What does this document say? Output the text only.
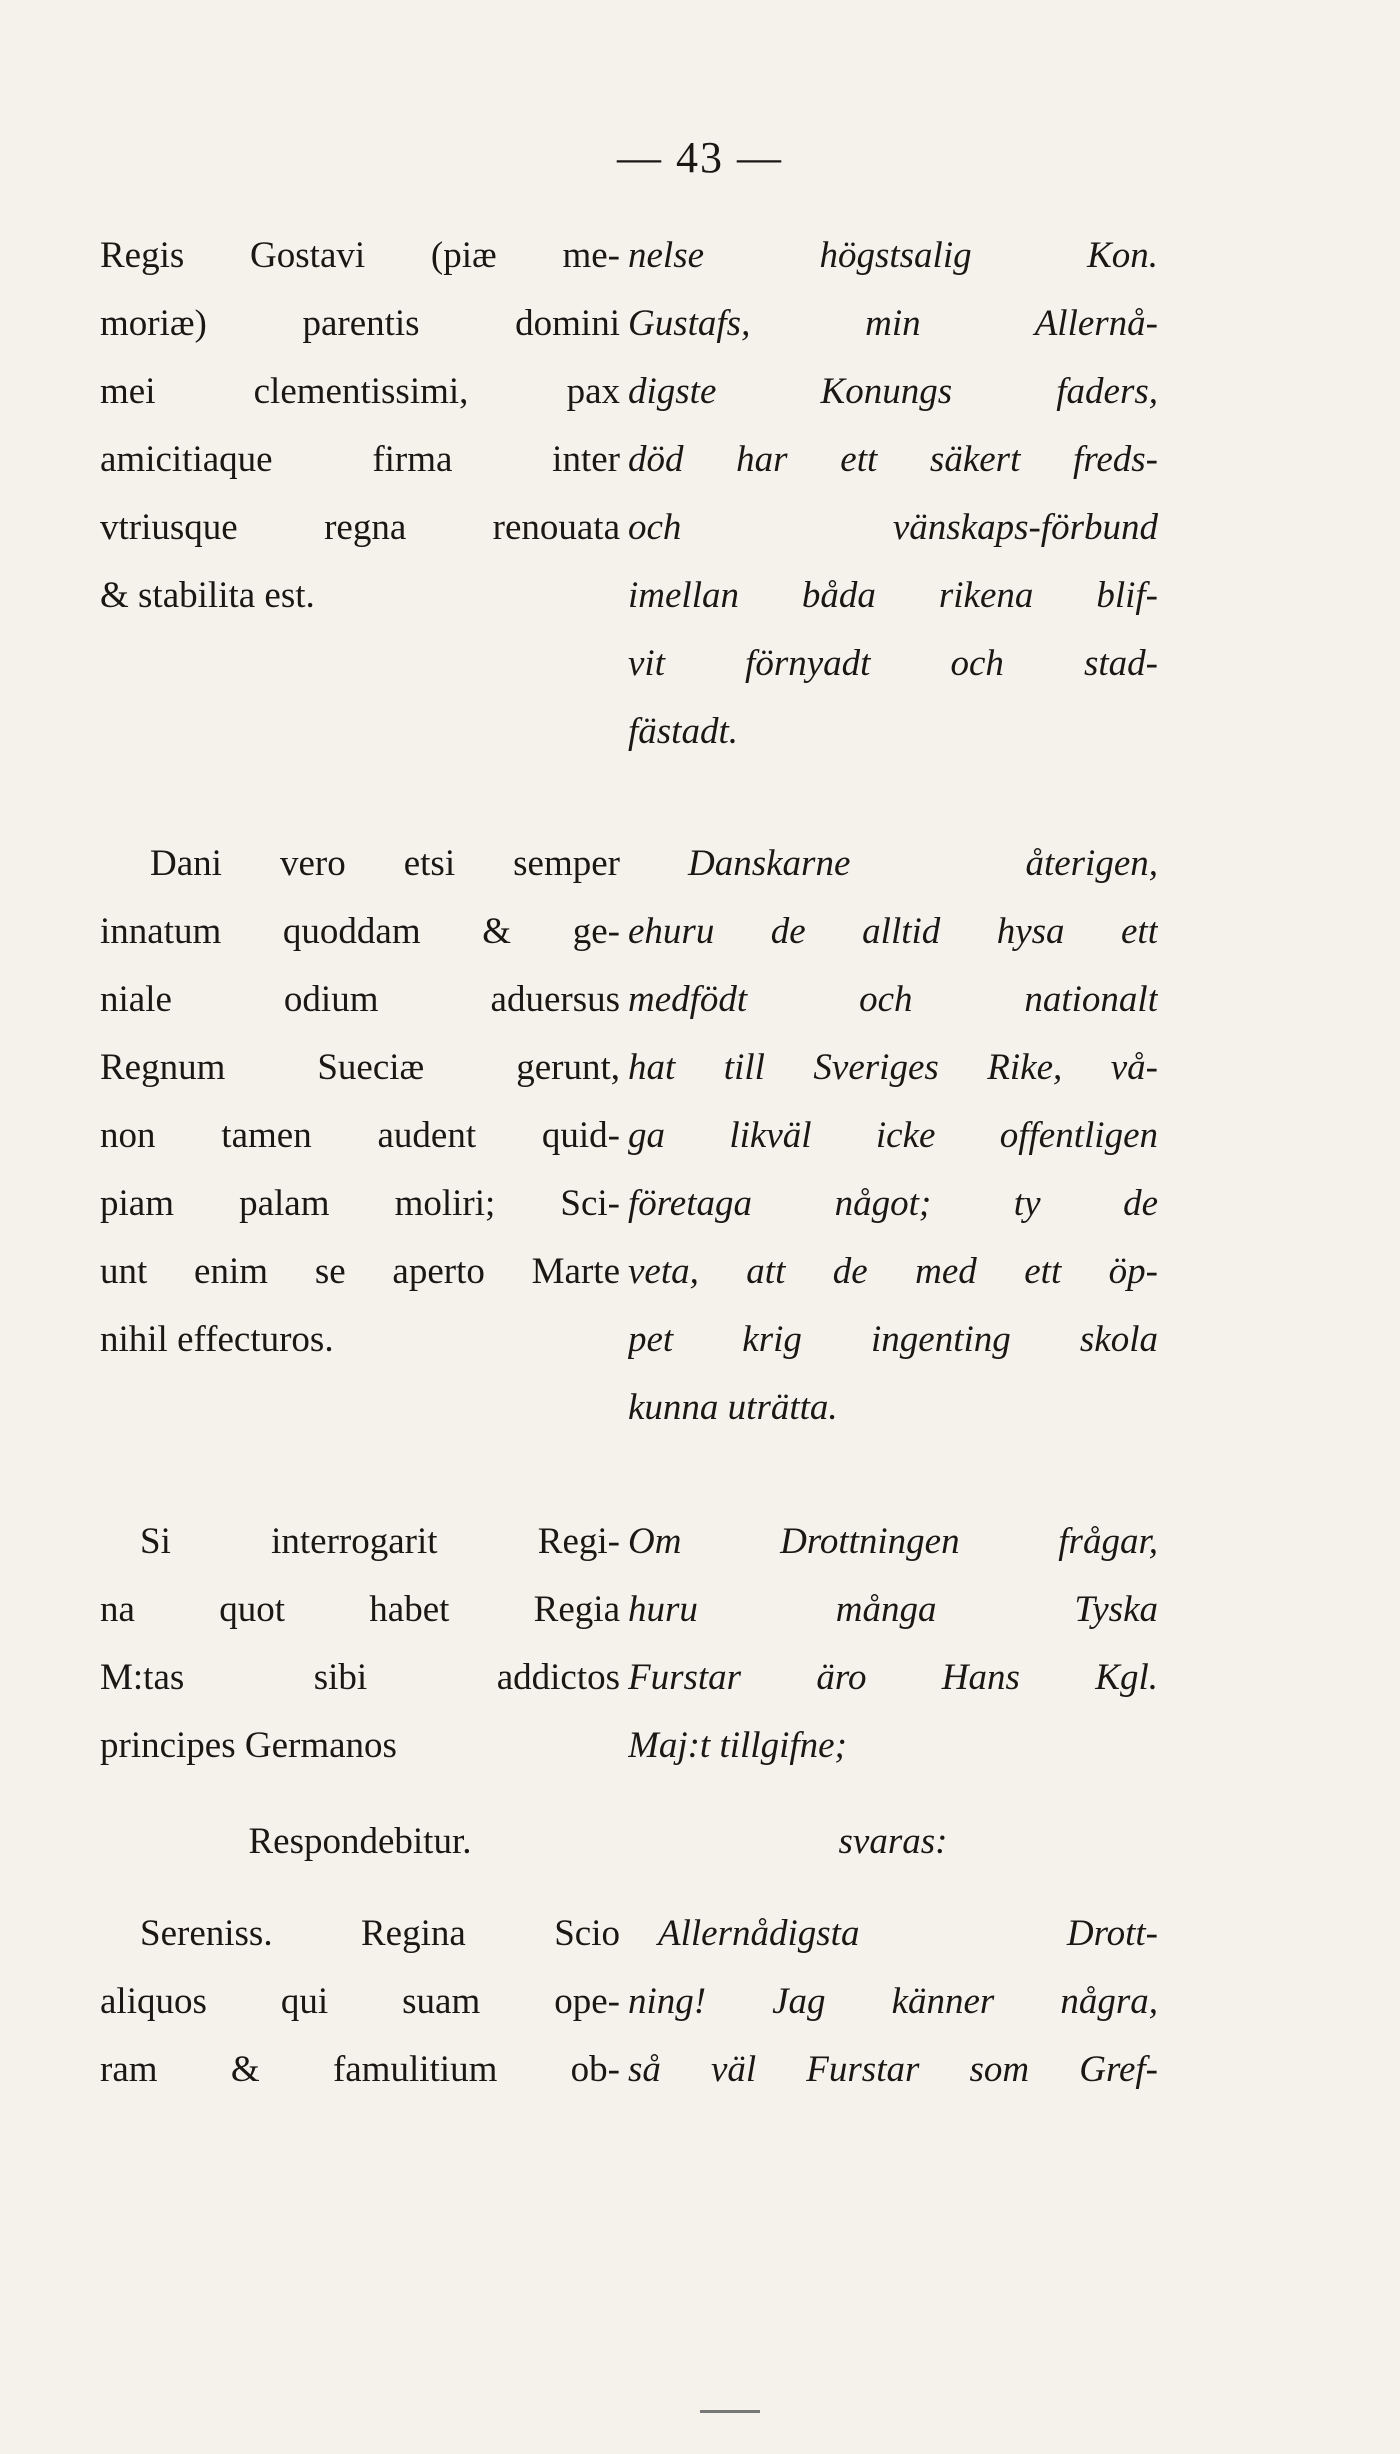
— 43 —
Regis Gostavi (piæ me-
moriæ) parentis domini
mei clementissimi, pax
amicitiaque firma inter
vtriusque regna renouata
& stabilita est.
nelse högstsalig Kon.
Gustafs, min Allernå-
digste Konungs faders,
död har ett säkert freds-
och vänskaps-förbund
imellan båda rikena blif-
vit förnyadt och stad-
fästadt.
Dani vero etsi semper
innatum quoddam & ge-
niale odium aduersus
Regnum Sueciæ gerunt,
non tamen audent quid-
piam palam moliri; Sci-
unt enim se aperto Marte
nihil effecturos.
Danskarne återigen,
ehuru de alltid hysa ett
medfödt och nationalt
hat till Sveriges Rike, vå-
ga likväl icke offentligen
företaga något; ty de
veta, att de med ett öp-
pet krig ingenting skola
kunna uträtta.
Si interrogarit Regi-
na quot habet Regia
M:tas sibi addictos
principes Germanos
Om Drottningen frågar,
huru många Tyska
Furstar äro Hans Kgl.
Maj:t tillgifne;
Respondebitur.	svaras:
Sereniss. Regina Scio
aliquos qui suam ope-
ram & famulitium ob-
Allernådigsta Drott-
ning! Jag känner några,
så väl Furstar som Gref-
